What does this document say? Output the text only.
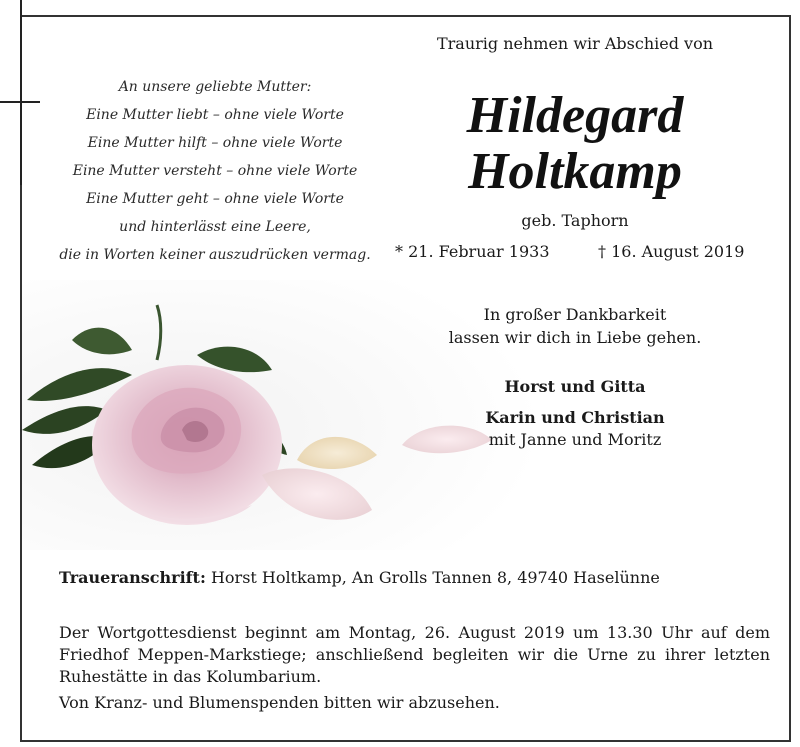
An unsere geliebte Mutter:
Eine Mutter liebt – ohne viele Worte
Eine Mutter hilft – ohne viele Worte
Eine Mutter versteht – ohne viele Worte
Eine Mutter geht – ohne viele Worte
und hinterlässt eine Leere,
die in Worten keiner auszudrücken vermag.
Traurig nehmen wir Abschied von
Hildegard
Holtkamp
geb. Taphorn
* 21. Februar 1933	† 16. August 2019
In großer Dankbarkeit
lassen wir dich in Liebe gehen.
Horst und Gitta
Karin und Christian
mit Janne und Moritz
Traueranschrift: Horst Holtkamp, An Grolls Tannen 8, 49740 Haselünne
Der Wortgottesdienst beginnt am Montag, 26. August 2019 um 13.30 Uhr auf dem Friedhof Meppen-Markstiege; anschließend begleiten wir die Urne zu ihrer letzten Ruhestätte in das Kolumbarium.
Von Kranz- und Blumenspenden bitten wir abzusehen.
